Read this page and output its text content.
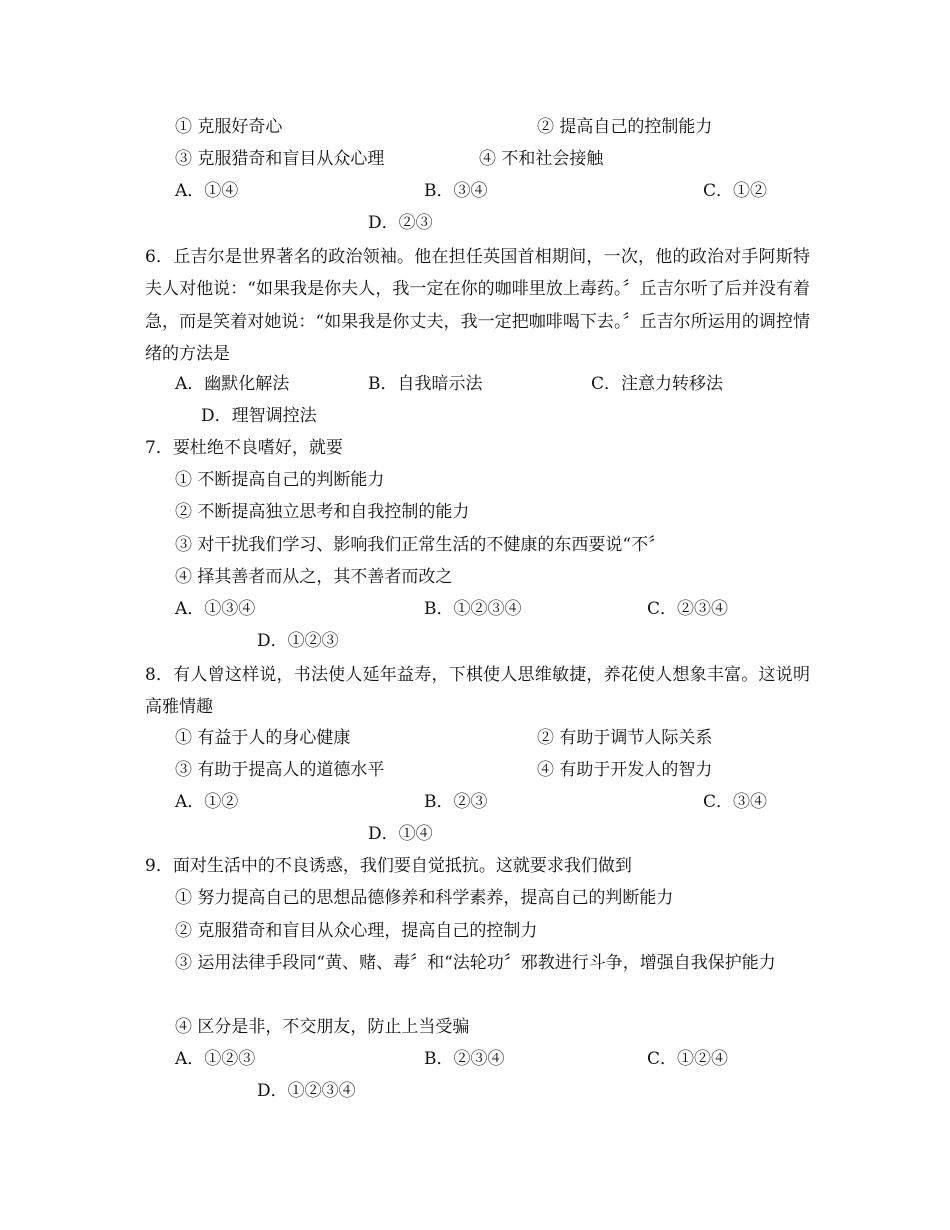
① 克服好奇心	② 提高自己的控制能力
③ 克服猎奇和盲目从众心理	④ 不和社会接触
A．①④	B．③④	C．①②
D．②③
6．丘吉尔是世界著名的政治领袖。他在担任英国首相期间，一次，他的政治对手阿斯特夫人对他说：“如果我是你夫人，我一定在你的咖啡里放上毒药。〞丘吉尔听了后并没有着急，而是笑着对她说：“如果我是你丈夫，我一定把咖啡喝下去。〞丘吉尔所运用的调控情绪的方法是
A．幽默化解法	B．自我暗示法	C．注意力转移法
D．理智调控法
7．要杜绝不良嗜好，就要
① 不断提高自己的判断能力
② 不断提高独立思考和自我控制的能力
③ 对干扰我们学习、影响我们正常生活的不健康的东西要说“不〞
④ 择其善者而从之，其不善者而改之
A．①③④	B．①②③④	C．②③④
D．①②③
8．有人曾这样说，书法使人延年益寿，下棋使人思维敏捷，养花使人想象丰富。这说明高雅情趣
① 有益于人的身心健康	② 有助于调节人际关系
③ 有助于提高人的道德水平	④ 有助于开发人的智力
A．①②	B．②③	C．③④
D．①④
9．面对生活中的不良诱惑，我们要自觉抵抗。这就要求我们做到
① 努力提高自己的思想品德修养和科学素养，提高自己的判断能力
② 克服猎奇和盲目从众心理，提高自己的控制力
③ 运用法律手段同“黄、赌、毒〞和“法轮功〞邪教进行斗争，增强自我保护能力
④ 区分是非，不交朋友，防止上当受骗
A．①②③	B．②③④	C．①②④
D．①②③④
